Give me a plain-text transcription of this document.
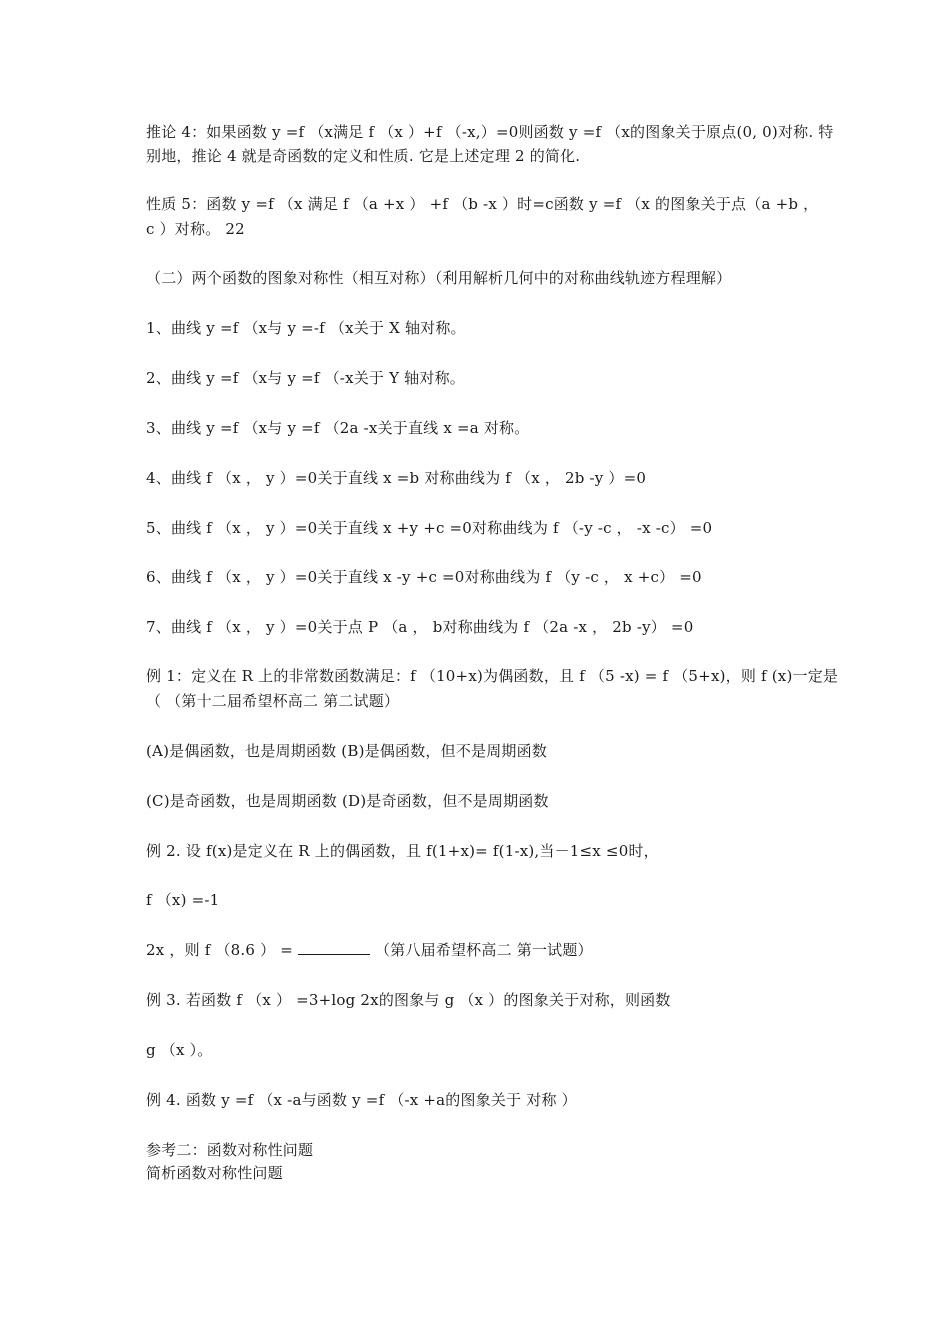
推论 4：如果函数 y =f （x满足 f （x ）+f （-x,）=0则函数 y =f （x的图象关于原点(0, 0)对称. 特
别地，推论 4 就是奇函数的定义和性质. 它是上述定理 2 的简化.
性质 5：函数 y =f （x 满足 f （a +x ） +f （b -x ）时=c函数 y =f （x 的图象关于点（a +b ，
c ）对称。 22
（二）两个函数的图象对称性（相互对称）（利用解析几何中的对称曲线轨迹方程理解）
1、曲线 y =f （x与 y =-f （x关于 X 轴对称。
2、曲线 y =f （x与 y =f （-x关于 Y 轴对称。
3、曲线 y =f （x与 y =f （2a -x关于直线 x =a 对称。
4、曲线 f （x ， y ）=0关于直线 x =b 对称曲线为 f （x ， 2b -y ）=0
5、曲线 f （x ， y ）=0关于直线 x +y +c =0对称曲线为 f （-y -c ， -x -c） =0
6、曲线 f （x ， y ）=0关于直线 x -y +c =0对称曲线为 f （y -c ， x +c） =0
7、曲线 f （x ， y ）=0关于点 P （a ， b对称曲线为 f （2a -x ， 2b -y） =0
例 1：定义在 R 上的非常数函数满足：f （10+x)为偶函数，且 f （5 -x) = f （5+x)，则 f (x)一定是
（ （第十二届希望杯高二 第二试题）
(A)是偶函数，也是周期函数 (B)是偶函数，但不是周期函数
(C)是奇函数，也是周期函数 (D)是奇函数，但不是周期函数
例 2. 设 f(x)是定义在 R 上的偶函数，且 f(1+x)= f(1-x),当－1≤x ≤0时，
f （x) =-1
2x ，则 f （8.6 ） =	（第八届希望杯高二 第一试题）
例 3. 若函数 f （x ） =3+log 2x的图象与 g （x ）的图象关于对称，则函数
g （x ）。
例 4. 函数 y =f （x -a与函数 y =f （-x +a的图象关于 对称 ）
参考二：函数对称性问题
简析函数对称性问题
